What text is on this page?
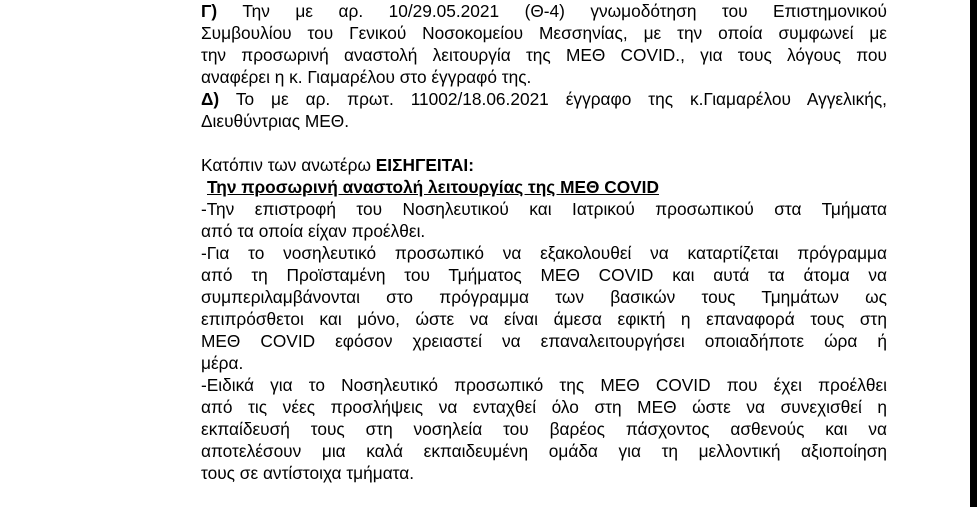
Γ) Την με αρ. 10/29.05.2021 (Θ-4) γνωμοδότηση του Επιστημονικού
Συμβουλίου του Γενικού Νοσοκομείου Μεσσηνίας, με την οποία συμφωνεί με
την προσωρινή αναστολή λειτουργία της ΜΕΘ COVID., για τους λόγους που
αναφέρει η κ. Γιαμαρέλου στο έγγραφό της.
Δ) Το με αρ. πρωτ. 11002/18.06.2021 έγγραφο της κ.Γιαμαρέλου Αγγελικής,
Διευθύντριας ΜΕΘ.
Κατόπιν των ανωτέρω ΕΙΣΗΓΕΙΤΑΙ:
Την προσωρινή αναστολή λειτουργίας της ΜΕΘ COVID
-Την επιστροφή του Νοσηλευτικού και Ιατρικού προσωπικού στα Τμήματα
από τα οποία είχαν προέλθει.
-Για το νοσηλευτικό προσωπικό να εξακολουθεί να καταρτίζεται πρόγραμμα
από τη Προϊσταμένη του Τμήματος ΜΕΘ COVID και αυτά τα άτομα να
συμπεριλαμβάνονται στο πρόγραμμα των βασικών τους Τμημάτων ως
επιπρόσθετοι και μόνο, ώστε να είναι άμεσα εφικτή η επαναφορά τους στη
ΜΕΘ COVID εφόσον χρειαστεί να επαναλειτουργήσει οποιαδήποτε ώρα ή
μέρα.
-Ειδικά για το Νοσηλευτικό προσωπικό της ΜΕΘ COVID που έχει προέλθει
από τις νέες προσλήψεις να ενταχθεί όλο στη ΜΕΘ ώστε να συνεχισθεί η
εκπαίδευσή τους στη νοσηλεία του βαρέος πάσχοντος ασθενούς και να
αποτελέσουν μια καλά εκπαιδευμένη ομάδα για τη μελλοντική αξιοποίηση
τους σε αντίστοιχα τμήματα.
